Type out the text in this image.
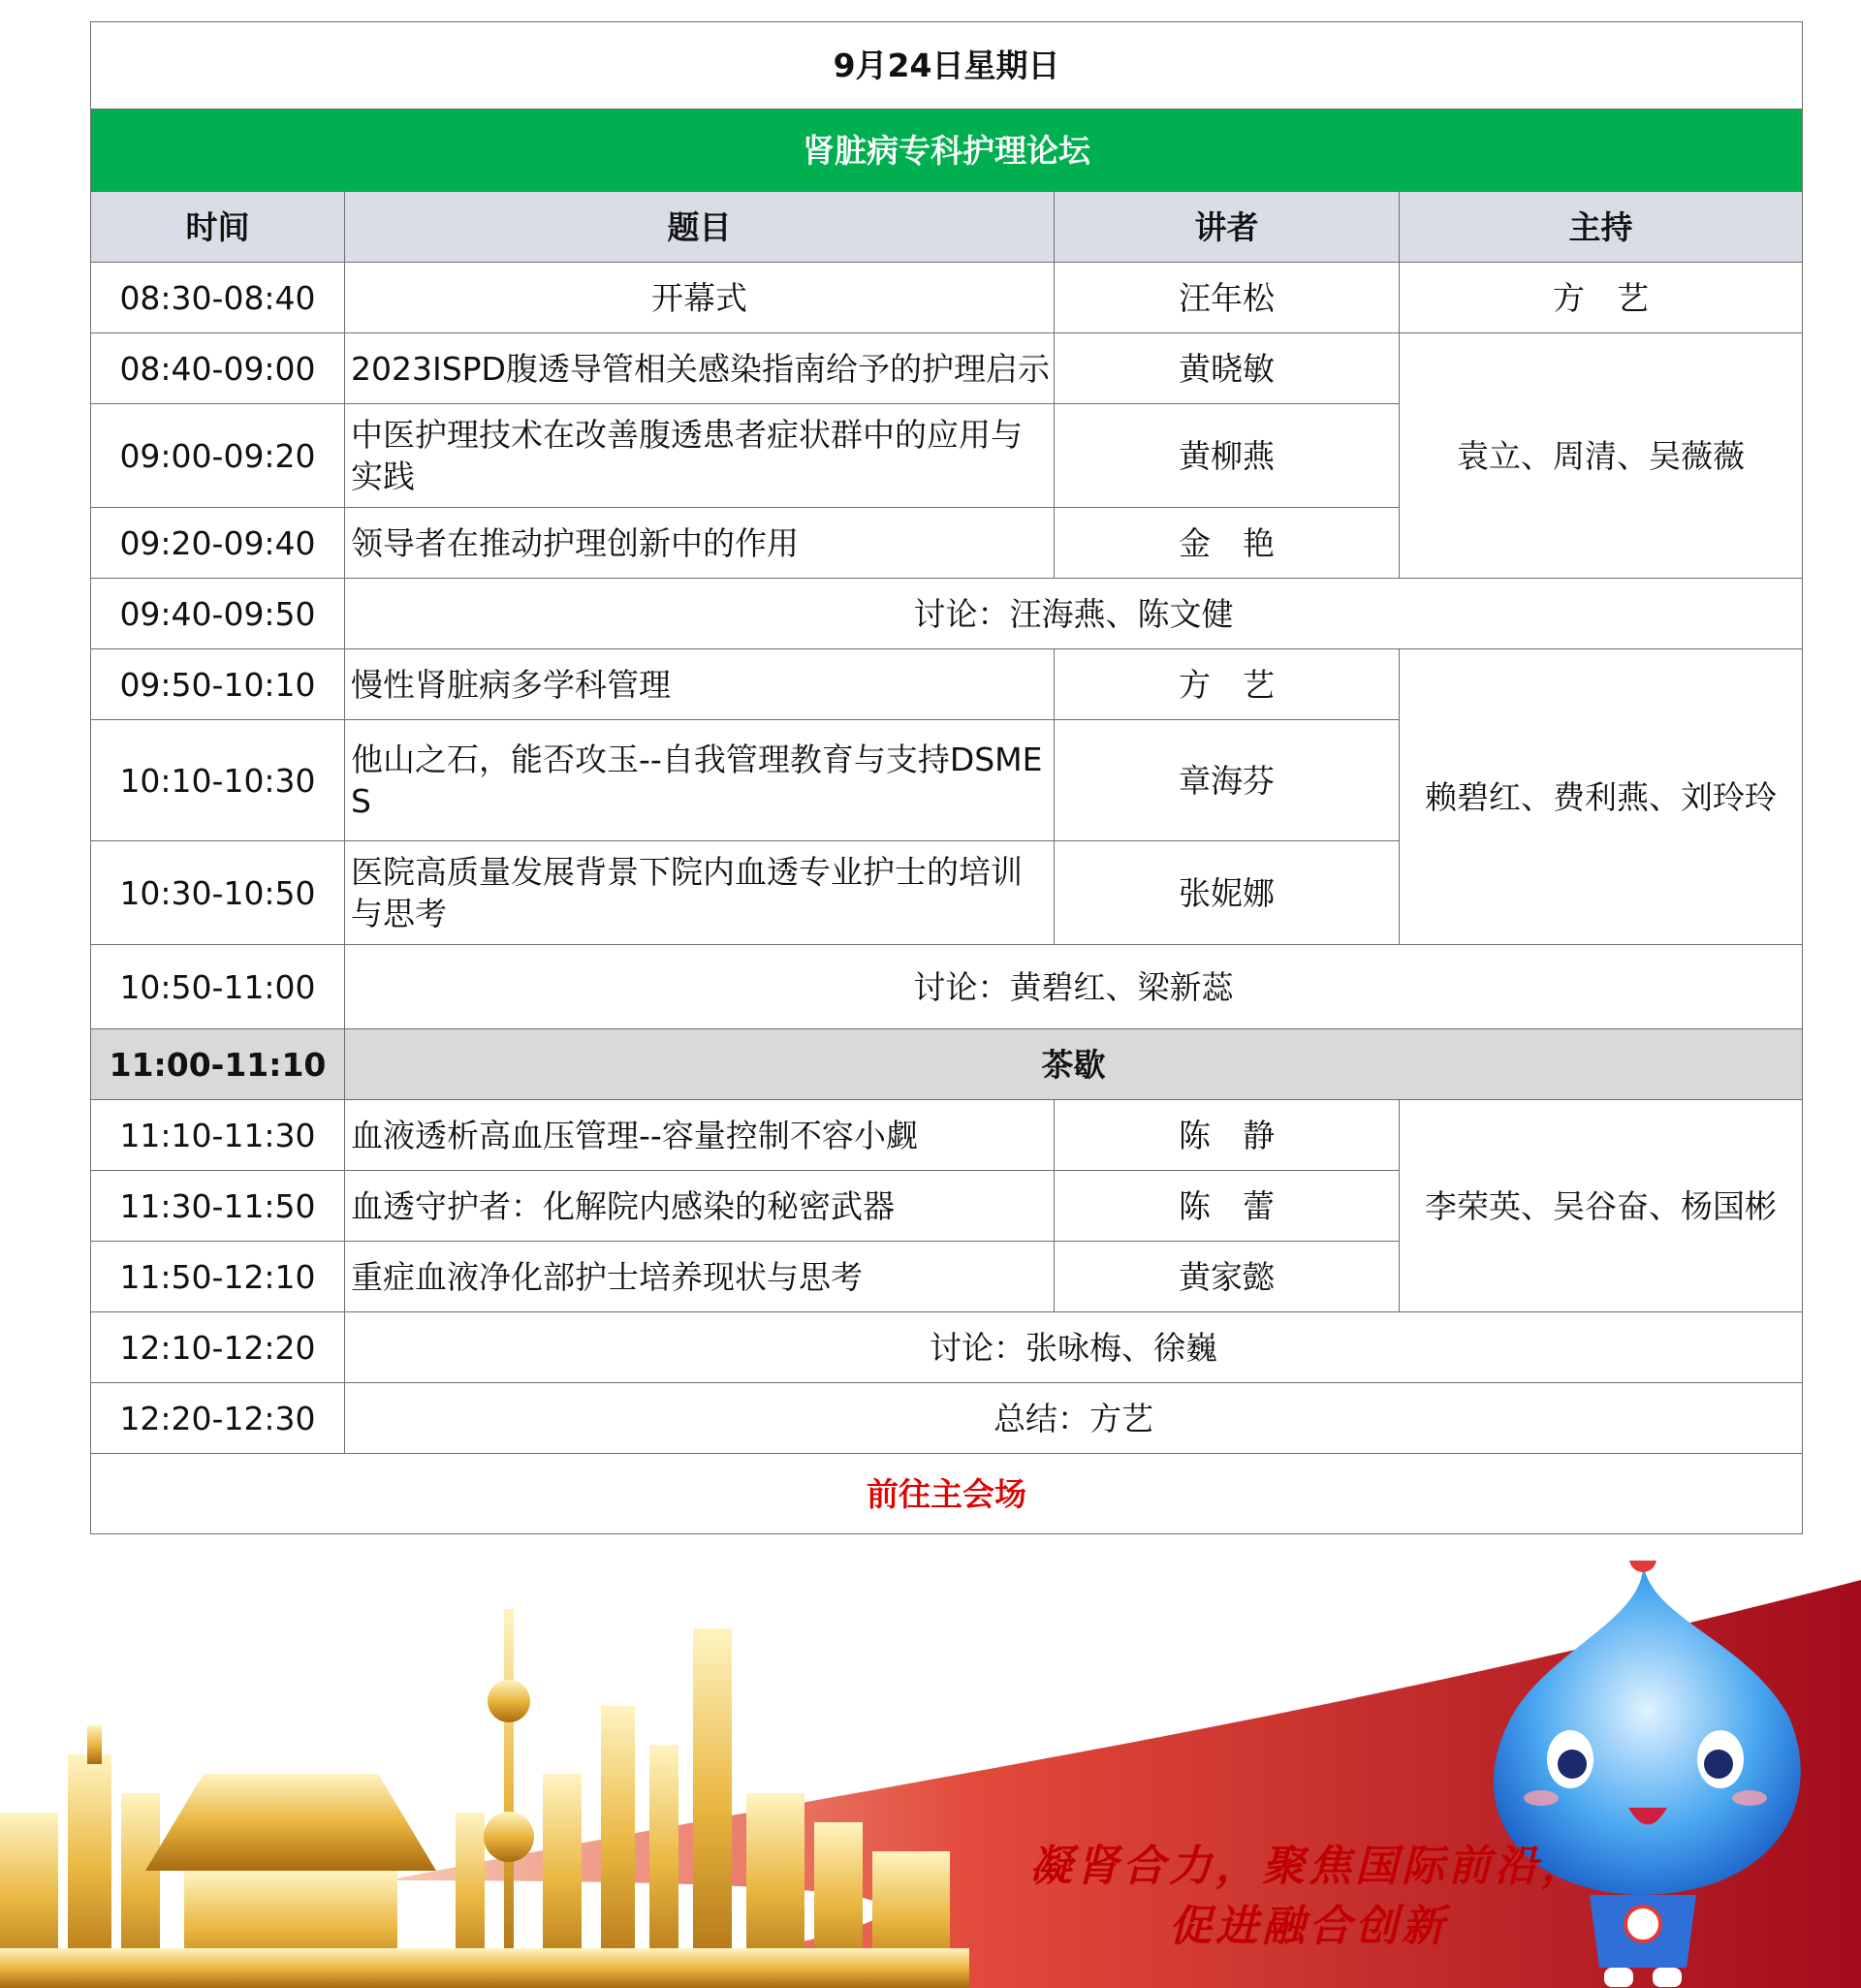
9月24日星期日			
肾脏病专科护理论坛			
时间	题目	讲者	主持
08:30-08:40	开幕式	汪年松	方　艺
08:40-09:00	2023ISPD腹透导管相关感染指南给予的护理启示	黄晓敏	袁立、周清、吴薇薇
09:00-09:20	中医护理技术在改善腹透患者症状群中的应用与实践	黄柳燕	
09:20-09:40	领导者在推动护理创新中的作用	金　艳	
09:40-09:50	讨论：汪海燕、陈文健		
09:50-10:10	慢性肾脏病多学科管理	方　艺	赖碧红、费利燕、刘玲玲
10:10-10:30	他山之石，能否攻玉--自我管理教育与支持DSMES	章海芬	
10:30-10:50	医院高质量发展背景下院内血透专业护士的培训与思考	张妮娜	
10:50-11:00	讨论：黄碧红、梁新蕊		
11:00-11:10	茶歇		
11:10-11:30	血液透析高血压管理--容量控制不容小觑	陈　静	李荣英、吴谷奋、杨国彬
11:30-11:50	血透守护者：化解院内感染的秘密武器	陈　蕾	
11:50-12:10	重症血液净化部护士培养现状与思考	黄家懿	
12:10-12:20	讨论：张咏梅、徐巍		
12:20-12:30	总结：方艺		
前往主会场			
凝肾合力，聚焦国际前沿，
促进融合创新
